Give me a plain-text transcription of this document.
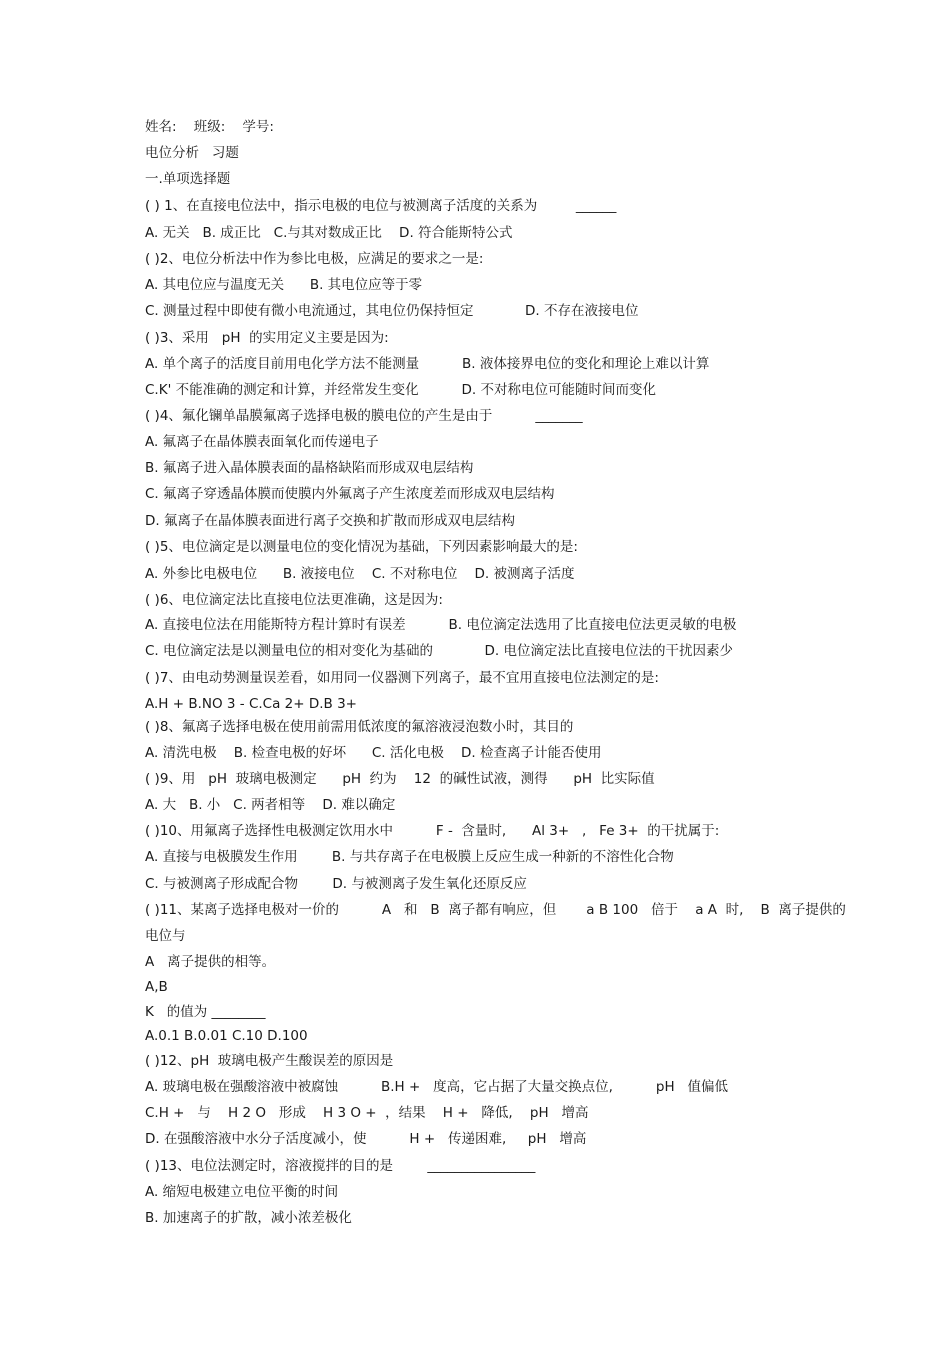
姓名:    班级:    学号:
电位分析   习题
一.单项选择题
( ) 1、在直接电位法中，指示电极的电位与被测离子活度的关系为         ______
A. 无关   B. 成正比   C.与其对数成正比    D. 符合能斯特公式
( )2、电位分析法中作为参比电极，应满足的要求之一是:
A. 其电位应与温度无关      B. 其电位应等于零
C. 测量过程中即使有微小电流通过，其电位仍保持恒定            D. 不存在液接电位
( )3、采用   pH  的实用定义主要是因为:
A. 单个离子的活度目前用电化学方法不能测量          B. 液体接界电位的变化和理论上难以计算
C.K' 不能准确的测定和计算，并经常发生变化          D. 不对称电位可能随时间而变化
( )4、氟化镧单晶膜氟离子选择电极的膜电位的产生是由于          _______
A. 氟离子在晶体膜表面氧化而传递电子
B. 氟离子进入晶体膜表面的晶格缺陷而形成双电层结构
C. 氟离子穿透晶体膜而使膜内外氟离子产生浓度差而形成双电层结构
D. 氟离子在晶体膜表面进行离子交换和扩散而形成双电层结构
( )5、电位滴定是以测量电位的变化情况为基础，下列因素影响最大的是:
A. 外参比电极电位      B. 液接电位    C. 不对称电位    D. 被测离子活度
( )6、电位滴定法比直接电位法更准确，这是因为:
A. 直接电位法在用能斯特方程计算时有误差          B. 电位滴定法选用了比直接电位法更灵敏的电极
C. 电位滴定法是以测量电位的相对变化为基础的            D. 电位滴定法比直接电位法的干扰因素少
( )7、由电动势测量误差看，如用同一仪器测下列离子，最不宜用直接电位法测定的是:
A.H + B.NO 3 - C.Ca 2+ D.B 3+
( )8、氟离子选择电极在使用前需用低浓度的氟溶液浸泡数小时，其目的
A. 清洗电极    B. 检查电极的好坏      C. 活化电极    D. 检查离子计能否使用
( )9、用   pH  玻璃电极测定      pH  约为    12  的碱性试液，测得      pH  比实际值
A. 大   B. 小   C. 两者相等    D. 难以确定
( )10、用氟离子选择性电极测定饮用水中          F -  含量时,      Al 3+   ,   Fe 3+  的干扰属于:
A. 直接与电极膜发生作用        B. 与共存离子在电极膜上反应生成一种新的不溶性化合物
C. 与被测离子形成配合物        D. 与被测离子发生氧化还原反应
( )11、某离子选择电极对一价的          A   和   B  离子都有响应，但       a B 100   倍于    a A  时,    B  离子提供的
电位与
A   离子提供的相等。
A,B
K   的值为 ________
A.0.1 B.0.01 C.10 D.100
( )12、pH  玻璃电极产生酸误差的原因是
A. 玻璃电极在强酸溶液中被腐蚀          B.H +   度高，它占据了大量交换点位,          pH   值偏低
C.H +   与    H 2 O   形成    H 3 O +  ，结果    H +   降低,    pH   增高
D. 在强酸溶液中水分子活度减小，使          H +   传递困难,     pH   增高
( )13、电位法测定时，溶液搅拌的目的是        ________________
A. 缩短电极建立电位平衡的时间
B. 加速离子的扩散，减小浓差极化
